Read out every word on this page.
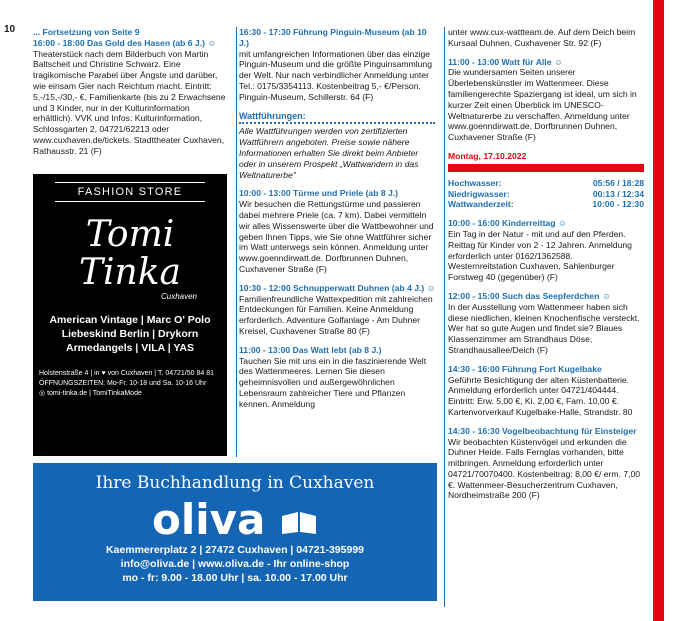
10 ... Fortsetzung von Seite 9
16:00 - 18:00 Das Gold des Hasen (ab 6 J.) ☺
Theaterstück nach dem Bilderbuch von Martin Baltscheit und Christine Schwarz. Eine tragikomische Parabel über Ängste und darüber, wie einsam Gier nach Reichtum macht. Eintritt: 5,-/15,-/30,- €, Familienkarte (bis zu 2 Erwachsene und 3 Kinder, nur in der Kulturinformation erhältlich). VVK und Infos: Kulturinformation, Schlossgarten 2, 04721/62213 oder www.cuxhaven.de/tickets. Stadttheater Cuxhaven, Rathausstr. 21 (F)
FASHION STORE
Tomi
Tinka
Cuxhaven
American Vintage | Marc O' Polo
Liebeskind Berlin | Drykorn
Armedangels | VILA | YAS
Holstenstraße 4 | in ♥ von Cuxhaven | T. 04721/50 84 81
ÖFFNUNGSZEITEN: Mo-Fr. 10-18 und Sa. 10-16 Uhr
◎ tomi-tinka.de | TomiTinkaMode
Ihre Buchhandlung in Cuxhaven
oliva
Kaemmererplatz 2 | 27472 Cuxhaven | 04721-395999
info@oliva.de | www.oliva.de - Ihr online-shop
mo - fr: 9.00 - 18.00 Uhr | sa. 10.00 - 17.00 Uhr
16:30 - 17:30 Führung Pinguin-Museum (ab 10 J.)
mit umfangreichen Informationen über das einzige Pinguin-Museum und die größte Pinguinsammlung der Welt. Nur nach verbindlicher Anmeldung unter Tel.: 0175/3354113. Kostenbeitrag 5,- €/Person. Pinguin-Museum, Schillerstr. 64 (F)
Wattführungen:
Alle Wattführungen werden von zertifizierten Wattführern angeboten. Preise sowie nähere Informationen erhalten Sie direkt beim Anbieter oder in unserem Prospekt „Wattwandern in das Weltnaturerbe"
10:00 - 13:00 Türme und Priele (ab 8 J.)
Wir besuchen die Rettungstürme und passieren dabei mehrere Priele (ca. 7 km). Dabei vermitteln wir alles Wissenswerte über die Wattbewohner und geben Ihnen Tipps, wie Sie ohne Wattführer sicher im Watt unterwegs sein können. Anmeldung unter www.goenndirwatt.de. Dorfbrunnen Duhnen, Cuxhavener Straße (F)
10:30 - 12:00 Schnupperwatt Duhnen (ab 4 J.) ☺
Familienfreundliche Wattexpedition mit zahlreichen Entdeckungen für Familien. Keine Anmeldung erforderlich. Adventure Golfanlage - Am Duhner Kreisel, Cuxhavener Straße 80 (F)
11:00 - 13:00 Das Watt lebt (ab 8 J.)
Tauchen Sie mit uns ein in die faszinierende Welt des Wattenmeeres. Lernen Sie diesen geheimnisvollen und außergewöhnlichen Lebensraum zahlreicher Tiere und Pflanzen kennen. Anmeldung
unter www.cux-wattteam.de. Auf dem Deich beim Kursaal Duhnen, Cuxhavener Str. 92 (F)
11:00 - 13:00 Watt für Alle ☺
Die wundersamen Seiten unserer Überlebenskünstler im Wattenmeer. Diese familiengerechte Spaziergang ist ideal, um sich in kurzer Zeit einen Überblick im UNESCO-Weltnaturerbe zu verschaffen. Anmeldung unter www.goenndirwatt.de. Dorfbrunnen Duhnen, Cuxhavener Straße (F)
Montag, 17.10.2022
Hochwasser:	05:56 / 18:28
Niedrigwasser:	00:13 / 12:34
Wattwanderzeit:	10:00 - 12:30
10:00 - 16:00 Kinderreittag ☺
Ein Tag in der Natur - mit und auf den Pferden. Reittag für Kinder von 2 - 12 Jahren. Anmeldung erforderlich unter 0162/1362588. Westernreitstation Cuxhaven, Sahlenburger Forstweg 40 (gegenüber) (F)
12:00 - 15:00 Such das Seepferdchen ☺
In der Ausstellung vom Wattenmeer haben sich diese niedlichen, kleinen Knochenfische versteckt. Wer hat so gute Augen und findet sie? Blaues Klassenzimmer am Strandhaus Döse, Strandhausallee/Deich (F)
14:30 - 16:00 Führung Fort Kugelbake
Geführte Besichtigung der alten Küstenbatterie. Anmeldung erforderlich unter 04721/404444. Eintritt: Erw. 5,00 €, Ki. 2,00 €, Fam. 10,00 €. Kartenvorverkauf Kugelbake-Halle, Strandstr. 80
14:30 - 16:30 Vogelbeobachtung für Einsteiger
Wir beobachten Küstenvögel und erkunden die Duhner Heide. Falls Fernglas vorhanden, bitte mitbringen. Anmeldung erforderlich unter 04721/70070400. Kostenbeitrag: 8,00 €/ erm. 7,00 €. Wattenmeer-Besucherzentrum Cuxhaven, Nordheimstraße 200 (F)
